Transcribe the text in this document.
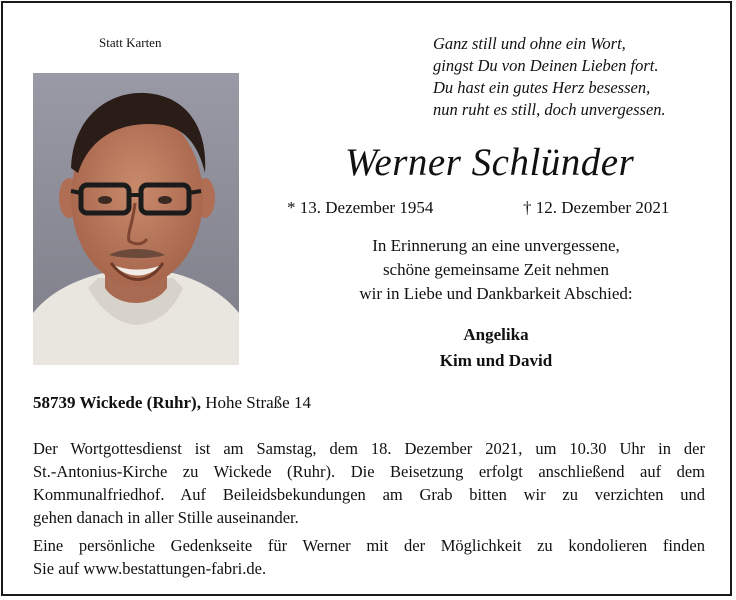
Statt Karten	Ganz still und ohne ein Wort,
gingst Du von Deinen Lieben fort.
Du hast ein gutes Herz besessen,
nun ruht es still, doch unvergessen.
Werner Schlünder
* 13. Dezember 1954	† 12. Dezember 2021
In Erinnerung an eine unvergessene,
schöne gemeinsame Zeit nehmen
wir in Liebe und Dankbarkeit Abschied:
Angelika
Kim und David
58739 Wickede (Ruhr), Hohe Straße 14
Der Wortgottesdienst ist am Samstag, dem 18. Dezember 2021, um 10.30 Uhr in der
St.-Antonius-Kirche zu Wickede (Ruhr). Die Beisetzung erfolgt anschließend auf dem
Kommunalfriedhof. Auf Beileidsbekundungen am Grab bitten wir zu verzichten und
gehen danach in aller Stille auseinander.
Eine persönliche Gedenkseite für Werner mit der Möglichkeit zu kondolieren finden
Sie auf www.bestattungen-fabri.de.
